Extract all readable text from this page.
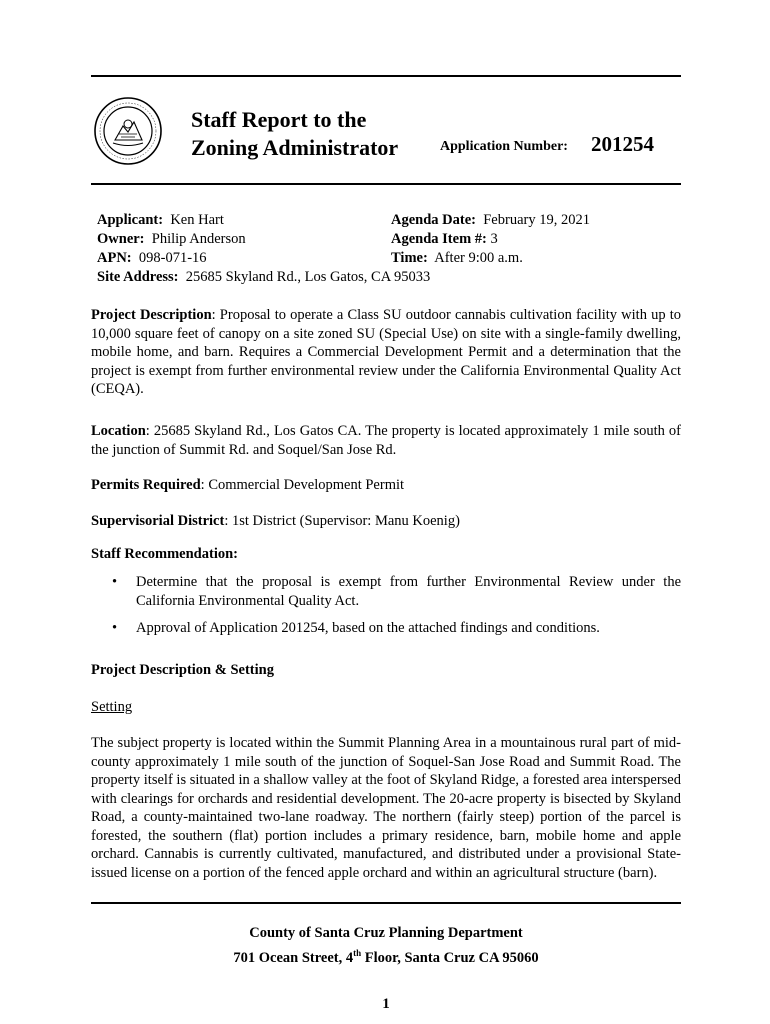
Staff Report to the
Zoning Administrator	Application Number: 201254
Applicant: Ken Hart
Owner: Philip Anderson
APN: 098-071-16
Site Address: 25685 Skyland Rd., Los Gatos, CA 95033
Agenda Date: February 19, 2021
Agenda Item #: 3
Time: After 9:00 a.m.
Project Description: Proposal to operate a Class SU outdoor cannabis cultivation facility with up to 10,000 square feet of canopy on a site zoned SU (Special Use) on site with a single-family dwelling, mobile home, and barn. Requires a Commercial Development Permit and a determination that the project is exempt from further environmental review under the California Environmental Quality Act (CEQA).
Location: 25685 Skyland Rd., Los Gatos CA. The property is located approximately 1 mile south of the junction of Summit Rd. and Soquel/San Jose Rd.
Permits Required: Commercial Development Permit
Supervisorial District: 1st District (Supervisor: Manu Koenig)
Staff Recommendation:
• Determine that the proposal is exempt from further Environmental Review under the California Environmental Quality Act.
• Approval of Application 201254, based on the attached findings and conditions.
Project Description & Setting
Setting
The subject property is located within the Summit Planning Area in a mountainous rural part of mid-county approximately 1 mile south of the junction of Soquel-San Jose Road and Summit Road. The property itself is situated in a shallow valley at the foot of Skyland Ridge, a forested area interspersed with clearings for orchards and residential development. The 20-acre property is bisected by Skyland Road, a county-maintained two-lane roadway. The northern (fairly steep) portion of the parcel is forested, the southern (flat) portion includes a primary residence, barn, mobile home and apple orchard. Cannabis is currently cultivated, manufactured, and distributed under a provisional State-issued license on a portion of the fenced apple orchard and within an agricultural structure (barn).
County of Santa Cruz Planning Department
701 Ocean Street, 4th Floor, Santa Cruz CA 95060
1
